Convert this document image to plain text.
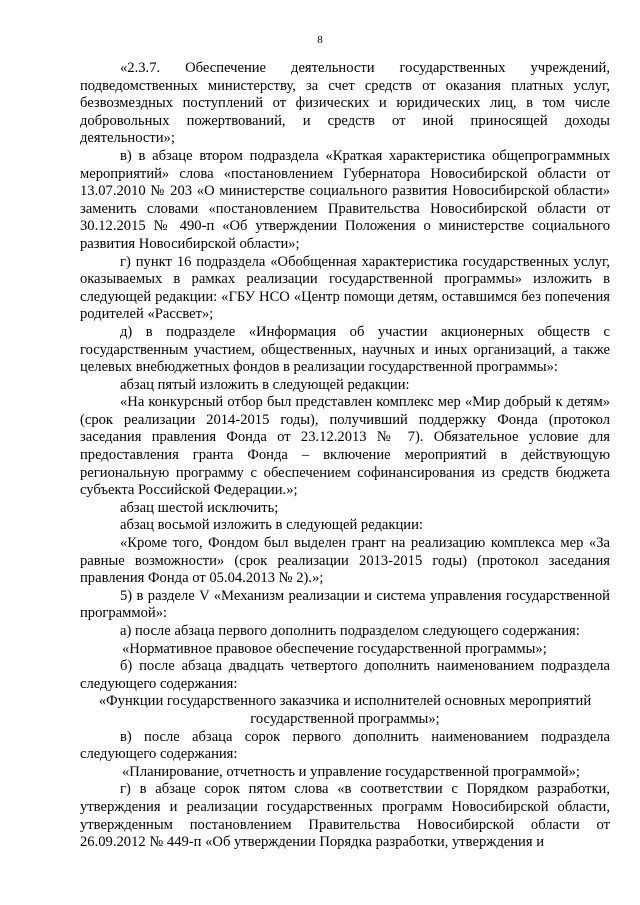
8

«2.3.7. Обеспечение деятельности государственных учреждений, подведомственных министерству, за счет средств от оказания платных услуг, безвозмездных поступлений от физических и юридических лиц, в том числе добровольных пожертвований, и средств от иной приносящей доходы деятельности»;

в) в абзаце втором подраздела «Краткая характеристика общепрограммных мероприятий» слова «постановлением Губернатора Новосибирской области от 13.07.2010 № 203 «О министерстве социального развития Новосибирской области» заменить словами «постановлением Правительства Новосибирской области от 30.12.2015 № 490-п «Об утверждении Положения о министерстве социального развития Новосибирской области»;

г) пункт 16 подраздела «Обобщенная характеристика государственных услуг, оказываемых в рамках реализации государственной программы» изложить в следующей редакции: «ГБУ НСО «Центр помощи детям, оставшимся без попечения родителей «Рассвет»;

д) в подразделе «Информация об участии акционерных обществ с государственным участием, общественных, научных и иных организаций, а также целевых внебюджетных фондов в реализации государственной программы»:

абзац пятый изложить в следующей редакции:

«На конкурсный отбор был представлен комплекс мер «Мир добрый к детям» (срок реализации 2014-2015 годы), получивший поддержку Фонда (протокол заседания правления Фонда от 23.12.2013 № 7). Обязательное условие для предоставления гранта Фонда – включение мероприятий в действующую региональную программу с обеспечением софинансирования из средств бюджета субъекта Российской Федерации.»;

абзац шестой исключить;

абзац восьмой изложить в следующей редакции:

«Кроме того, Фондом был выделен грант на реализацию комплекса мер «За равные возможности» (срок реализации 2013-2015 годы) (протокол заседания правления Фонда от 05.04.2013 № 2).»;

5) в разделе V «Механизм реализации и система управления государственной программой»:

а) после абзаца первого дополнить подразделом следующего содержания:

«Нормативное правовое обеспечение государственной программы»;

б) после абзаца двадцать четвертого дополнить наименованием подраздела следующего содержания:

«Функции государственного заказчика и исполнителей основных мероприятий государственной программы»;

в) после абзаца сорок первого дополнить наименованием подраздела следующего содержания:

«Планирование, отчетность и управление государственной программой»;

г) в абзаце сорок пятом слова «в соответствии с Порядком разработки, утверждения и реализации государственных программ Новосибирской области, утвержденным постановлением Правительства Новосибирской области от 26.09.2012 № 449-п «Об утверждении Порядка разработки, утверждения и
